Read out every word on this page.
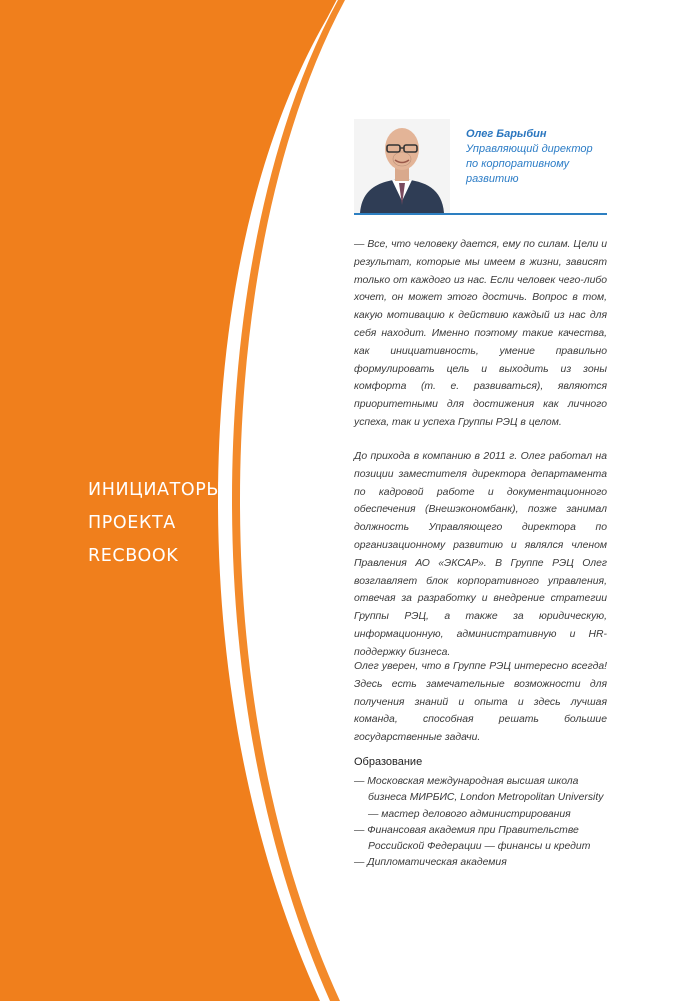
ИНИЦИАТОРЫ
ПРОЕКТА
RECBOOK
Олег Барыбин
Управляющий директор по корпоративному развитию
— Все, что человеку дается, ему по силам. Цели и результат, которые мы имеем в жизни, зависят только от каждого из нас. Если человек чего-либо хочет, он может этого достичь. Вопрос в том, какую мотивацию к действию каждый из нас для себя находит. Именно поэтому такие качества, как инициативность, умение правильно формулировать цель и выходить из зоны комфорта (т. е. развиваться), являются приоритетными для достижения как личного успеха, так и успеха Группы РЭЦ в целом.
До прихода в компанию в 2011 г. Олег работал на позиции заместителя директора департамента по кадровой работе и документационного обеспечения (Внешэкономбанк), позже занимал должность Управляющего директора по организационному развитию и являлся членом Правления АО «ЭКСАР». В Группе РЭЦ Олег возглавляет блок корпоративного управления, отвечая за разработку и внедрение стратегии Группы РЭЦ, а также за юридическую, информационную, административную и HR-поддержку бизнеса.
Олег уверен, что в Группе РЭЦ интересно всегда! Здесь есть замечательные возможности для получения знаний и опыта и здесь лучшая команда, способная решать большие государственные задачи.
Образование
— Московская международная высшая школа бизнеса МИРБИС, London Metropolitan University — мастер делового администрирования
— Финансовая академия при Правительстве Российской Федерации — финансы и кредит
— Дипломатическая академия
